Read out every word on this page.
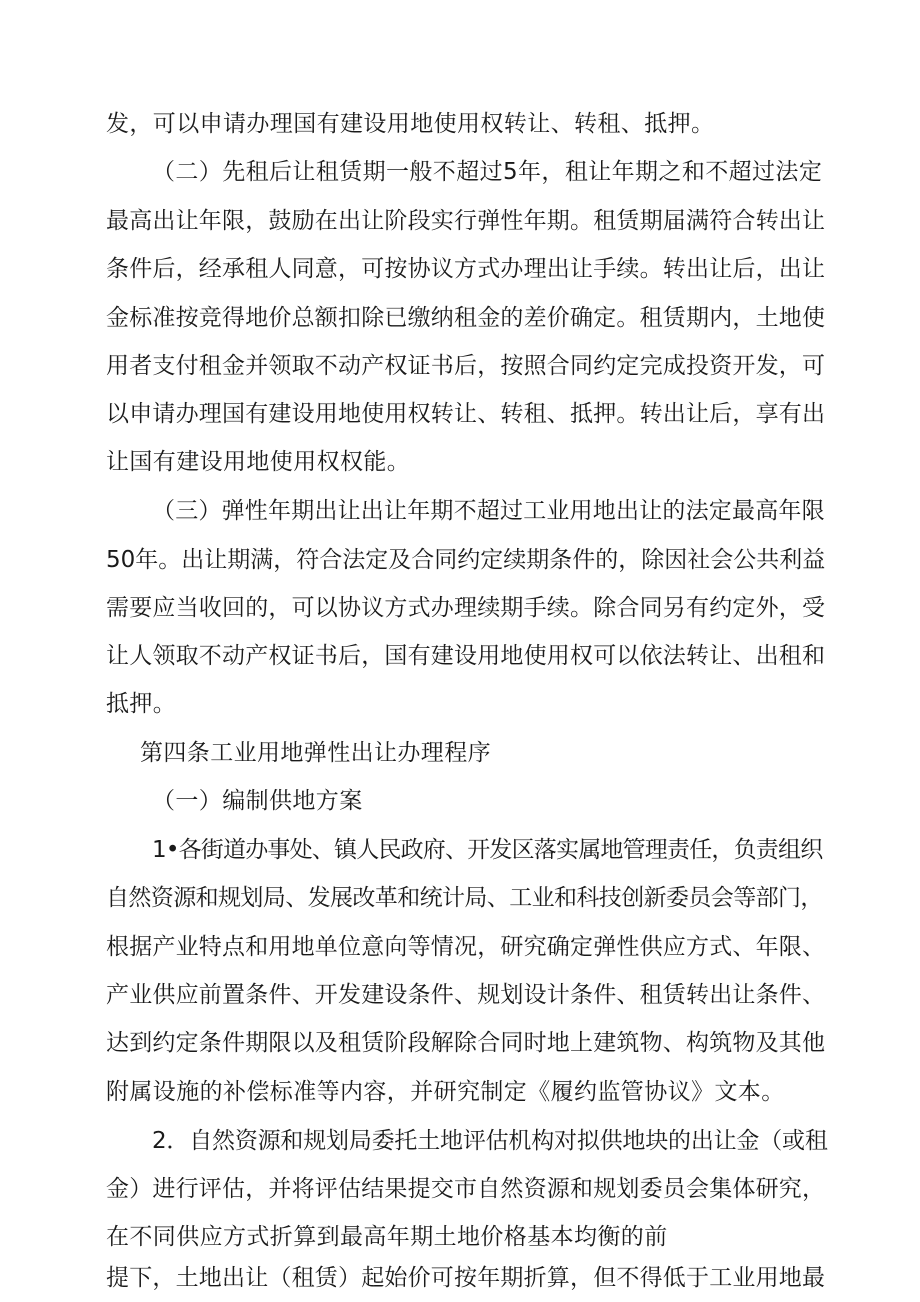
发，可以申请办理国有建设用地使用权转让、转租、抵押。
（二）先租后让租赁期一般不超过5年，租让年期之和不超过法定
最高出让年限，鼓励在出让阶段实行弹性年期。租赁期届满符合转出让
条件后，经承租人同意，可按协议方式办理出让手续。转出让后，出让
金标准按竞得地价总额扣除已缴纳租金的差价确定。租赁期内，土地使
用者支付租金并领取不动产权证书后，按照合同约定完成投资开发，可
以申请办理国有建设用地使用权转让、转租、抵押。转出让后，享有出
让国有建设用地使用权权能。
（三）弹性年期出让出让年期不超过工业用地出让的法定最高年限
50年。出让期满，符合法定及合同约定续期条件的，除因社会公共利益
需要应当收回的，可以协议方式办理续期手续。除合同另有约定外，受
让人领取不动产权证书后，国有建设用地使用权可以依法转让、出租和
抵押。
第四条工业用地弹性出让办理程序
（一）编制供地方案
1•各街道办事处、镇人民政府、开发区落实属地管理责任，负责组织
自然资源和规划局、发展改革和统计局、工业和科技创新委员会等部门，
根据产业特点和用地单位意向等情况，研究确定弹性供应方式、年限、
产业供应前置条件、开发建设条件、规划设计条件、租赁转出让条件、
达到约定条件期限以及租赁阶段解除合同时地上建筑物、构筑物及其他
附属设施的补偿标准等内容，并研究制定《履约监管协议》文本。
2．自然资源和规划局委托土地评估机构对拟供地块的出让金（或租
金）进行评估，并将评估结果提交市自然资源和规划委员会集体研究，
在不同供应方式折算到最高年期土地价格基本均衡的前
提下，土地出让（租赁）起始价可按年期折算，但不得低于工业用地最
